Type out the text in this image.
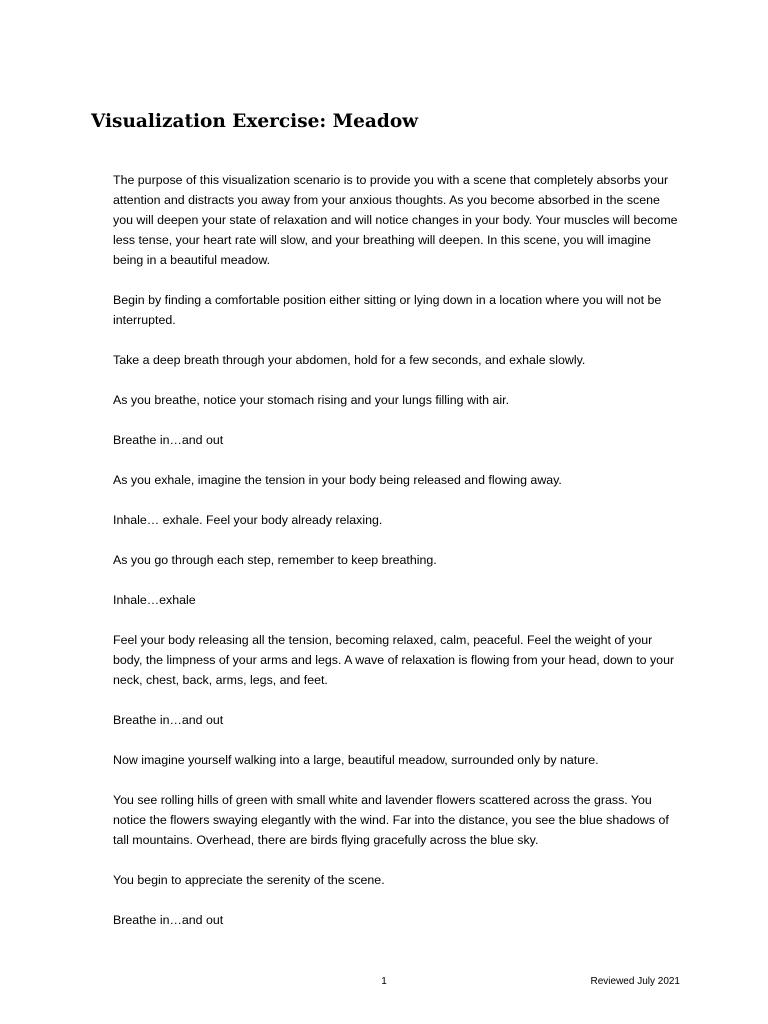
Visualization Exercise: Meadow

The purpose of this visualization scenario is to provide you with a scene that completely absorbs your attention and distracts you away from your anxious thoughts. As you become absorbed in the scene you will deepen your state of relaxation and will notice changes in your body. Your muscles will become less tense, your heart rate will slow, and your breathing will deepen. In this scene, you will imagine being in a beautiful meadow.

Begin by finding a comfortable position either sitting or lying down in a location where you will not be interrupted.

Take a deep breath through your abdomen, hold for a few seconds, and exhale slowly.

As you breathe, notice your stomach rising and your lungs filling with air.

Breathe in…and out

As you exhale, imagine the tension in your body being released and flowing away.

Inhale… exhale. Feel your body already relaxing.

As you go through each step, remember to keep breathing.

Inhale…exhale

Feel your body releasing all the tension, becoming relaxed, calm, peaceful. Feel the weight of your body, the limpness of your arms and legs. A wave of relaxation is flowing from your head, down to your neck, chest, back, arms, legs, and feet.

Breathe in…and out

Now imagine yourself walking into a large, beautiful meadow, surrounded only by nature.

You see rolling hills of green with small white and lavender flowers scattered across the grass. You notice the flowers swaying elegantly with the wind. Far into the distance, you see the blue shadows of tall mountains. Overhead, there are birds flying gracefully across the blue sky.

You begin to appreciate the serenity of the scene.

Breathe in…and out

1	Reviewed July 2021
